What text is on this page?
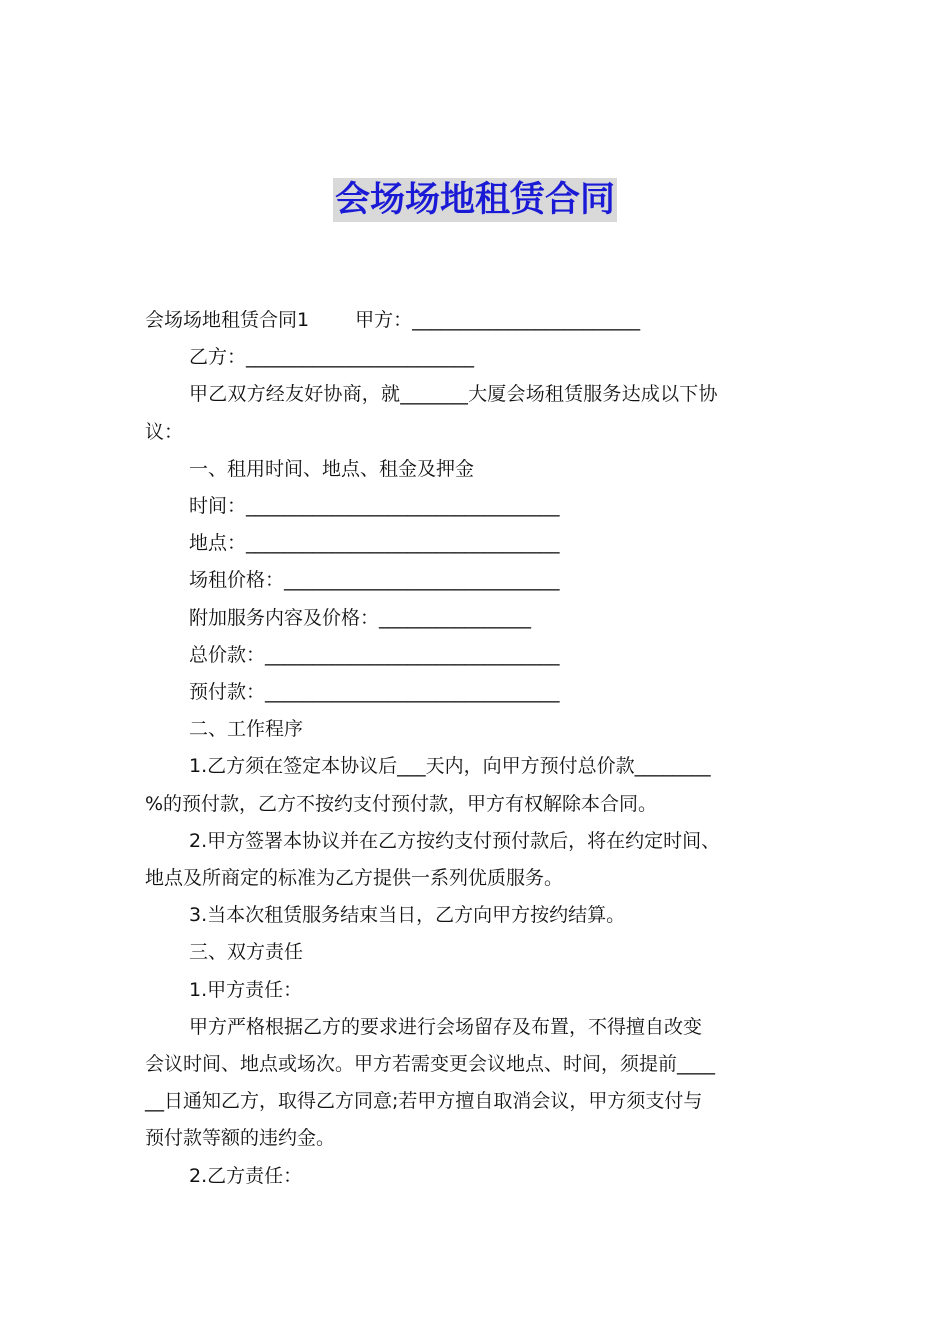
会场场地租赁合同

会场场地租赁合同1 甲方：________________________

乙方：________________________

甲乙双方经友好协商，就_______大厦会场租赁服务达成以下协

议：

一、租用时间、地点、租金及押金

时间：_________________________________

地点：_________________________________

场租价格：_____________________________

附加服务内容及价格：________________

总价款：_______________________________

预付款：_______________________________

二、工作程序

1.乙方须在签定本协议后___天内，向甲方预付总价款________

%的预付款，乙方不按约支付预付款，甲方有权解除本合同。

2.甲方签署本协议并在乙方按约支付预付款后，将在约定时间、

地点及所商定的标准为乙方提供一系列优质服务。

3.当本次租赁服务结束当日，乙方向甲方按约结算。

三、双方责任

1.甲方责任：

甲方严格根据乙方的要求进行会场留存及布置，不得擅自改变

会议时间、地点或场次。甲方若需变更会议地点、时间，须提前____

__日通知乙方，取得乙方同意;若甲方擅自取消会议，甲方须支付与

预付款等额的违约金。

2.乙方责任：
